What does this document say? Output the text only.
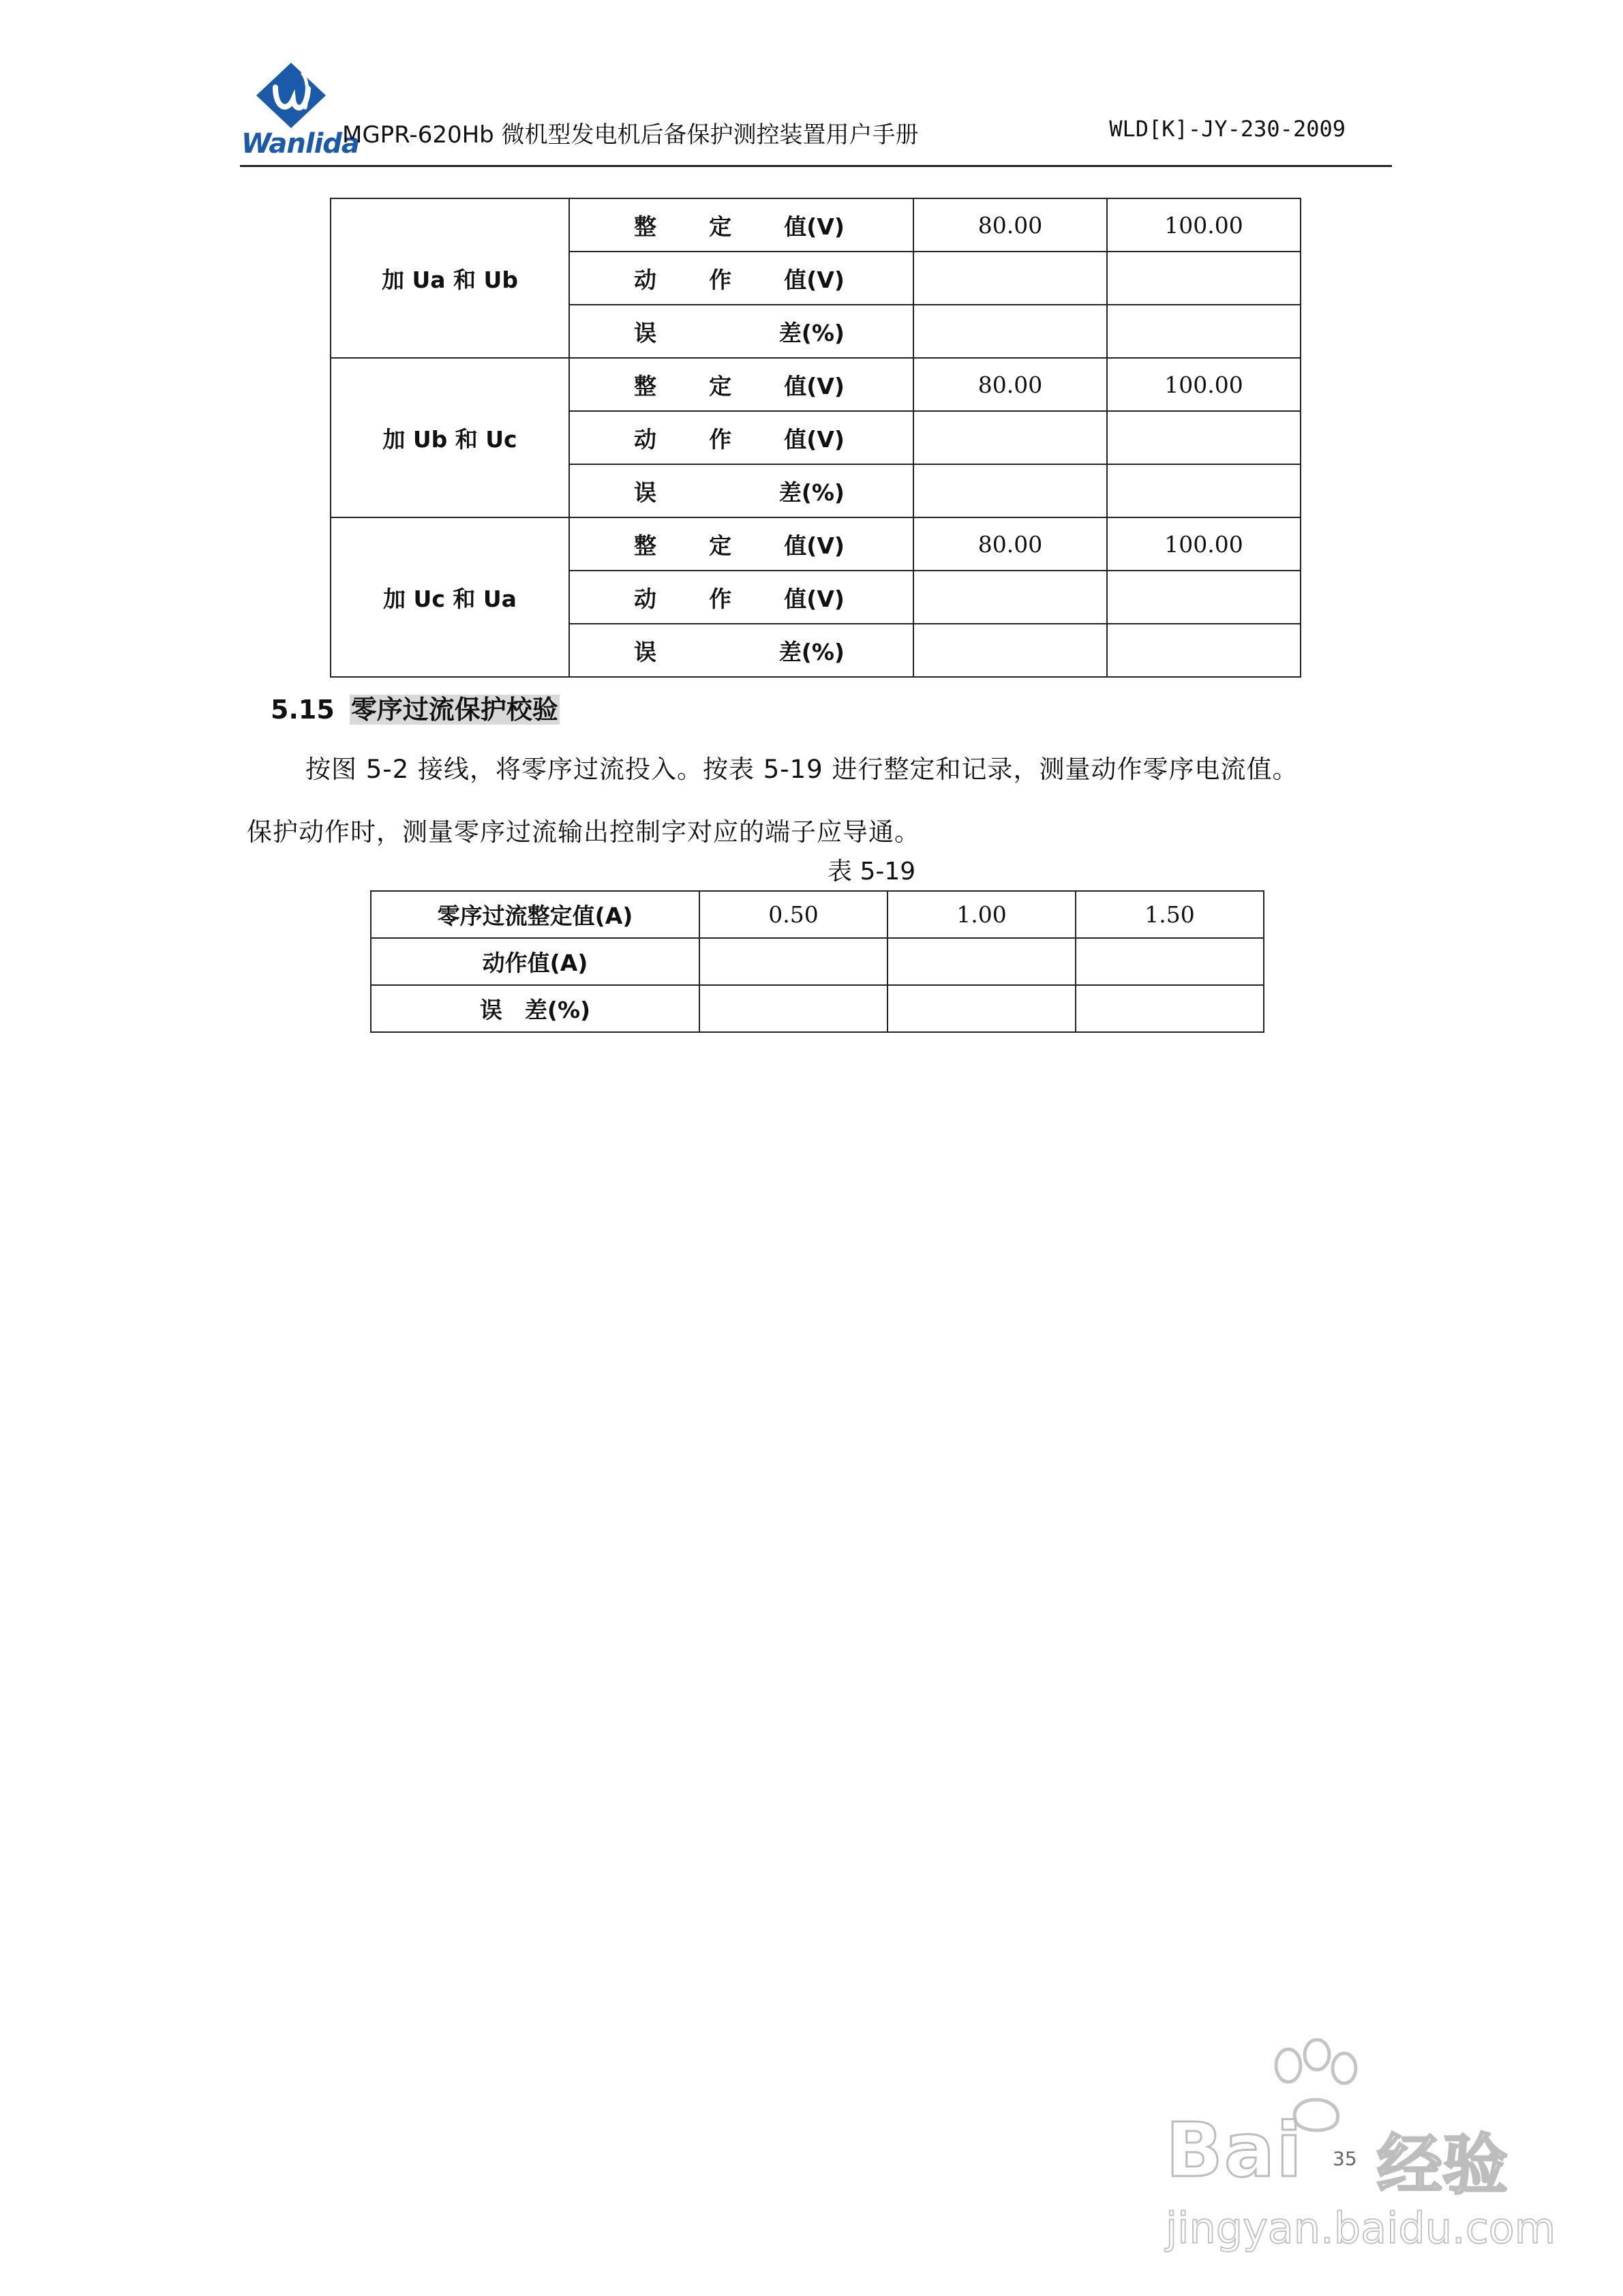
Wanlida
MGPR-620Hb 微机型发电机后备保护测控装置用户手册	WLD[K]-JY-230-2009
加 Ua 和 Ub	整 定 值(V)	80.00	100.00

	动 作 值(V)		

	误 差(%)		

加 Ub 和 Uc	整 定 值(V)	80.00	100.00

	动 作 值(V)		

	误 差(%)		

加 Uc 和 Ua	整 定 值(V)	80.00	100.00

	动 作 值(V)		

	误 差(%)		

5.15 零序过流保护校验
按图 5-2 接线，将零序过流投入。按表 5-19 进行整定和记录，测量动作零序电流值。
保护动作时，测量零序过流输出控制字对应的端子应导通。
表 5-19
零序过流整定值(A)	0.50	1.00	1.50
动作值(A)			
误　差(%)			
35
Bai 经验
jingyan.baidu.com
